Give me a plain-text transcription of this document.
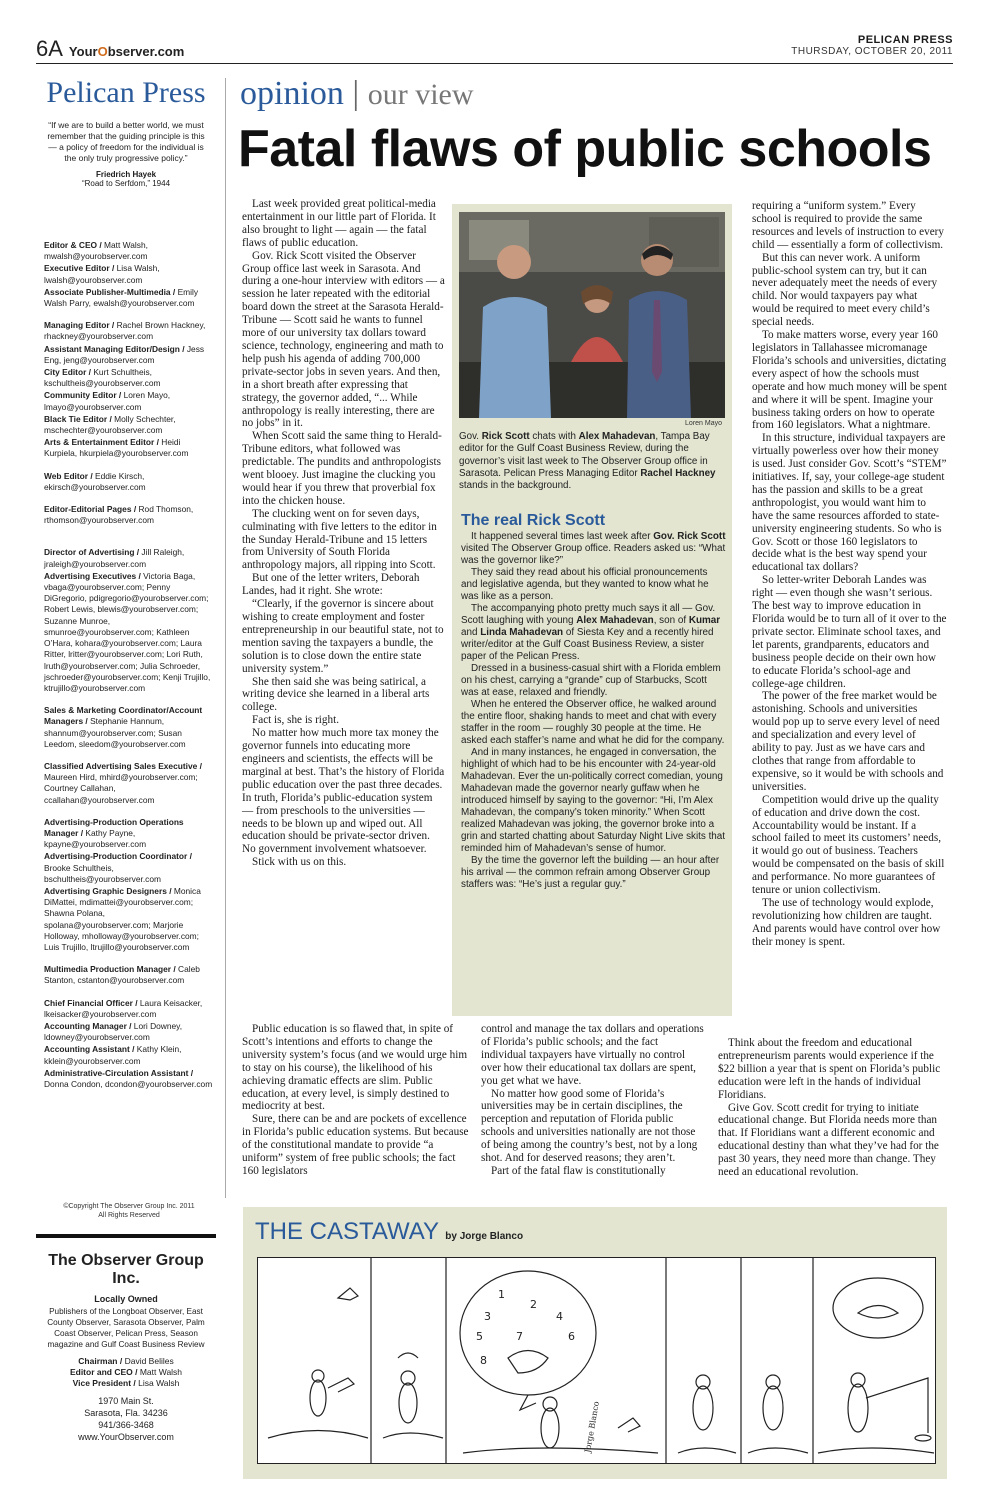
6A YourObserver.com
PELICAN PRESS
THURSDAY, OCTOBER 20, 2011
Pelican Press
“If we are to build a better world, we must remember that the guiding principle is this — a policy of freedom for the individual is the only truly progressive policy.”
Friedrich Hayek
“Road to Serfdom,” 1944
Editor & CEO / Matt Walsh, mwalsh@yourobserver.com
Executive Editor / Lisa Walsh, lwalsh@yourobserver.com
Associate Publisher-Multimedia / Emily Walsh Parry, ewalsh@yourobserver.com
Managing Editor / Rachel Brown Hackney, rhackney@yourobserver.com
Assistant Managing Editor/Design / Jess Eng, jeng@yourobserver.com
City Editor / Kurt Schultheis, kschultheis@yourobserver.com
Community Editor / Loren Mayo, lmayo@yourobserver.com
Black Tie Editor / Molly Schechter, mschechter@yourobserver.com
Arts & Entertainment Editor / Heidi Kurpiela, hkurpiela@yourobserver.com
Web Editor / Eddie Kirsch, ekirsch@yourobserver.com
Editor-Editorial Pages / Rod Thomson, rthomson@yourobserver.com
Director of Advertising / Jill Raleigh, jraleigh@yourobserver.com
Advertising Executives / Victoria Baga, vbaga@yourobserver.com; Penny DiGregorio, pdigregorio@yourobserver.com; Robert Lewis, blewis@yourobserver.com; Suzanne Munroe, smunroe@yourobserver.com; Kathleen O’Hara, kohara@yourobserver.com; Laura Ritter, lritter@yourobserver.com; Lori Ruth, lruth@yourobserver.com; Julia Schroeder, jschroeder@yourobserver.com; Kenji Trujillo, ktrujillo@yourobserver.com
Sales & Marketing Coordinator/Account Managers / Stephanie Hannum, shannum@yourobserver.com; Susan Leedom, sleedom@yourobserver.com
Classified Advertising Sales Executive / Maureen Hird, mhird@yourobserver.com; Courtney Callahan, ccallahan@yourobserver.com
Advertising-Production Operations Manager / Kathy Payne, kpayne@yourobserver.com
Advertising-Production Coordinator / Brooke Schultheis, bschultheis@yourobserver.com
Advertising Graphic Designers / Monica DiMattei, mdimattei@yourobserver.com; Shawna Polana, spolana@yourobserver.com; Marjorie Holloway, mholloway@yourobserver.com; Luis Trujillo, ltrujillo@yourobserver.com
Multimedia Production Manager / Caleb Stanton, cstanton@yourobserver.com
Chief Financial Officer / Laura Keisacker, lkeisacker@yourobserver.com
Accounting Manager / Lori Downey, ldowney@yourobserver.com
Accounting Assistant / Kathy Klein, kklein@yourobserver.com
Administrative-Circulation Assistant / Donna Condon, dcondon@yourobserver.com
©Copyright The Observer Group Inc. 2011
All Rights Reserved
The Observer Group Inc.
Locally Owned
Publishers of the Longboat Observer, East County Observer, Sarasota Observer, Palm Coast Observer, Pelican Press, Season magazine and Gulf Coast Business Review
Chairman / David Beliles
Editor and CEO / Matt Walsh
Vice President / Lisa Walsh
1970 Main St.
Sarasota, Fla. 34236
941/366-3468
www.YourObserver.com
opinion | our view
Fatal flaws of public schools

Last week provided great political-media entertainment in our little part of Florida. It also brought to light — again — the fatal flaws of public education.

Gov. Rick Scott visited the Observer Group office last week in Sarasota. And during a one-hour interview with editors — a session he later repeated with the editorial board down the street at the Sarasota Herald-Tribune — Scott said he wants to funnel more of our university tax dollars toward science, technology, engineering and math to help push his agenda of adding 700,000 private-sector jobs in seven years. And then, in a short breath after expressing that strategy, the governor added, “... While anthropology is really interesting, there are no jobs” in it.

When Scott said the same thing to Herald-Tribune editors, what followed was predictable. The pundits and anthropologists went blooey. Just imagine the clucking you would hear if you threw that proverbial fox into the chicken house.

The clucking went on for seven days, culminating with five letters to the editor in the Sunday Herald-Tribune and 15 letters from University of South Florida anthropology majors, all ripping into Scott.

But one of the letter writers, Deborah Landes, had it right. She wrote:

“Clearly, if the governor is sincere about wishing to create employment and foster entrepreneurship in our beautiful state, not to mention saving the taxpayers a bundle, the solution is to close down the entire state university system.”

She then said she was being satirical, a writing device she learned in a liberal arts college.

Fact is, she is right.

No matter how much more tax money the governor funnels into educating more engineers and scientists, the effects will be marginal at best. That’s the history of Florida public education over the past three decades. In truth, Florida’s public-education system — from preschools to the universities — needs to be blown up and wiped out. All education should be private-sector driven. No government involvement whatsoever.

Stick with us on this.

Public education is so flawed that, in spite of Scott’s intentions and efforts to change the university system’s focus (and we would urge him to stay on his course), the likelihood of his achieving dramatic effects are slim. Public education, at every level, is simply destined to mediocrity at best.

Sure, there can be and are pockets of excellence in Florida’s public education systems. But because of the constitutional mandate to provide “a uniform” system of free public schools; the fact 160 legislators

control and manage the tax dollars and operations of Florida’s public schools; and the fact individual taxpayers have virtually no control over how their educational tax dollars are spent, you get what we have.

No matter how good some of Florida’s universities may be in certain disciplines, the perception and reputation of Florida public schools and universities nationally are not those of being among the country’s best, not by a long shot. And for deserved reasons; they aren’t.

Part of the fatal flaw is constitutionally

requiring a “uniform system.” Every school is required to provide the same resources and levels of instruction to every child — essentially a form of collectivism.

But this can never work. A uniform public-school system can try, but it can never adequately meet the needs of every child. Nor would taxpayers pay what would be required to meet every child’s special needs.

To make matters worse, every year 160 legislators in Tallahassee micromanage Florida’s schools and universities, dictating every aspect of how the schools must operate and how much money will be spent and where it will be spent. Imagine your business taking orders on how to operate from 160 legislators. What a nightmare.

In this structure, individual taxpayers are virtually powerless over how their money is used. Just consider Gov. Scott’s “STEM” initiatives. If, say, your college-age student has the passion and skills to be a great anthropologist, you would want him to have the same resources afforded to state-university engineering students. So who is Gov. Scott or those 160 legislators to decide what is the best way spend your educational tax dollars?

So letter-writer Deborah Landes was right — even though she wasn’t serious. The best way to improve education in Florida would be to turn all of it over to the private sector. Eliminate school taxes, and let parents, grandparents, educators and business people decide on their own how to educate Florida’s school-age and college-age children.

The power of the free market would be astonishing. Schools and universities would pop up to serve every level of need and specialization and every level of ability to pay. Just as we have cars and clothes that range from affordable to expensive, so it would be with schools and universities.

Competition would drive up the quality of education and drive down the cost. Accountability would be instant. If a school failed to meet its customers’ needs, it would go out of business. Teachers would be compensated on the basis of skill and performance. No more guarantees of tenure or union collectivism.

The use of technology would explode, revolutionizing how children are taught. And parents would have control over how their money is spent.

Think about the freedom and educational entrepreneurism parents would experience if the $22 billion a year that is spent on Florida’s public education were left in the hands of individual Floridians.

Give Gov. Scott credit for trying to initiate educational change. But Florida needs more than that. If Floridians want a different economic and educational destiny than what they’ve had for the past 30 years, they need more than change. They need an educational revolution.

Loren Mayo
Gov. Rick Scott chats with Alex Mahadevan, Tampa Bay editor for the Gulf Coast Business Review, during the governor’s visit last week to The Observer Group office in Sarasota. Pelican Press Managing Editor Rachel Hackney stands in the background.
The real Rick Scott

It happened several times last week after Gov. Rick Scott visited The Observer Group office. Readers asked us: “What was the governor like?”

They said they read about his official pronouncements and legislative agenda, but they wanted to know what he was like as a person.

The accompanying photo pretty much says it all — Gov. Scott laughing with young Alex Mahadevan, son of Kumar and Linda Mahadevan of Siesta Key and a recently hired writer/editor at the Gulf Coast Business Review, a sister paper of the Pelican Press.

Dressed in a business-casual shirt with a Florida emblem on his chest, carrying a “grande” cup of Starbucks, Scott was at ease, relaxed and friendly.

When he entered the Observer office, he walked around the entire floor, shaking hands to meet and chat with every staffer in the room — roughly 30 people at the time. He asked each staffer’s name and what he did for the company.

And in many instances, he engaged in conversation, the highlight of which had to be his encounter with 24-year-old Mahadevan. Ever the un-politically correct comedian, young Mahadevan made the governor nearly guffaw when he introduced himself by saying to the governor: “Hi, I’m Alex Mahadevan, the company’s token minority.” When Scott realized Mahadevan was joking, the governor broke into a grin and started chatting about Saturday Night Live skits that reminded him of Mahadevan’s sense of humor.

By the time the governor left the building — an hour after his arrival — the common refrain among Observer Group staffers was: “He’s just a regular guy.”

THE CASTAWAY by Jorge Blanco
1
2
3	4
5	6
7
8
Jorge Blanco
